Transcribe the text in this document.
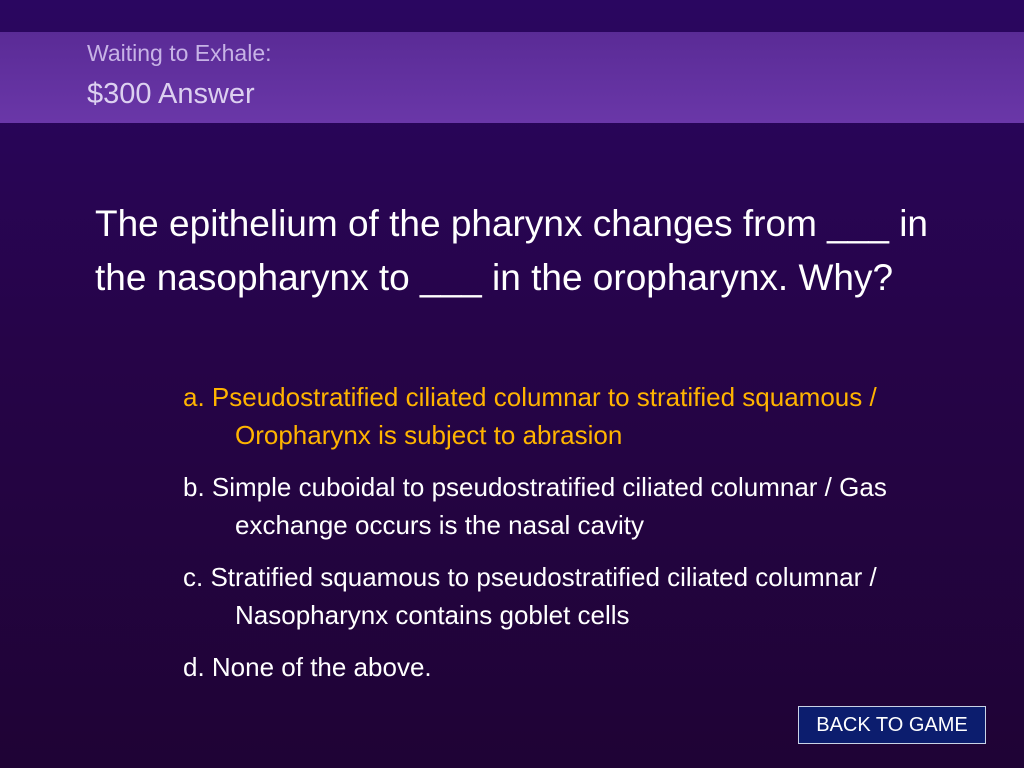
Waiting to Exhale:
$300 Answer
The epithelium of the pharynx changes from ___ in the nasopharynx to ___ in the oropharynx. Why?
a. Pseudostratified ciliated columnar to stratified squamous / Oropharynx is subject to abrasion
b. Simple cuboidal to pseudostratified ciliated columnar / Gas exchange occurs is the nasal cavity
c. Stratified squamous to pseudostratified ciliated columnar / Nasopharynx contains goblet cells
d. None of the above.
BACK TO GAME
